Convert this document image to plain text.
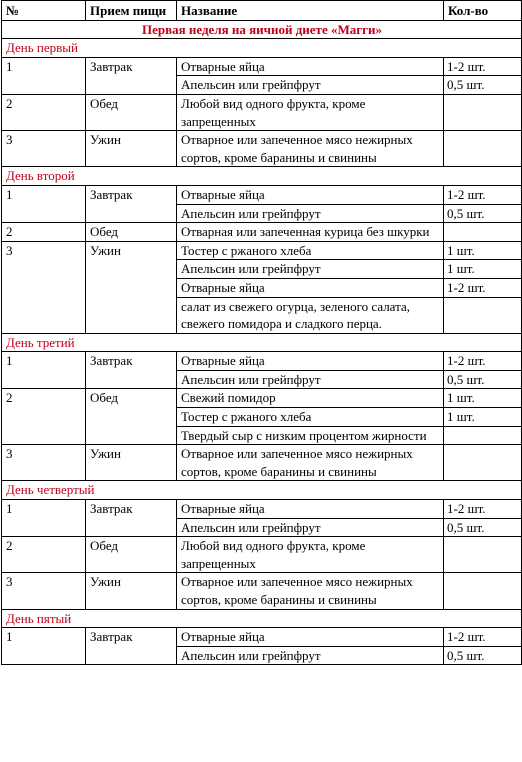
№	Прием пищи	Название	Кол-во
Первая неделя на яичной диете «Магги»			
День первый			
1	Завтрак	Отварные яйца	1-2 шт.
		Апельсин или грейпфрут	0,5 шт.
2	Обед	Любой вид одного фрукта, кроме запрещенных	
3	Ужин	Отварное или запеченное мясо нежирных сортов, кроме баранины и свинины	
День второй			
1	Завтрак	Отварные яйца	1-2 шт.
		Апельсин или грейпфрут	0,5 шт.
2	Обед	Отварная или запеченная курица без шкурки	
3	Ужин	Тостер с ржаного хлеба	1 шт.
		Апельсин или грейпфрут	1 шт.
		Отварные яйца	1-2 шт.
		салат из свежего огурца, зеленого салата, свежего помидора и сладкого перца.	
День третий			
1	Завтрак	Отварные яйца	1-2 шт.
		Апельсин или грейпфрут	0,5 шт.
2	Обед	Свежий помидор	1 шт.
		Тостер с ржаного хлеба	1 шт.
		Твердый сыр с низким процентом жирности	
3	Ужин	Отварное или запеченное мясо нежирных сортов, кроме баранины и свинины	
День четвертый			
1	Завтрак	Отварные яйца	1-2 шт.
		Апельсин или грейпфрут	0,5 шт.
2	Обед	Любой вид одного фрукта, кроме запрещенных	
3	Ужин	Отварное или запеченное мясо нежирных сортов, кроме баранины и свинины	
День пятый			
1	Завтрак	Отварные яйца	1-2 шт.
		Апельсин или грейпфрут	0,5 шт.
